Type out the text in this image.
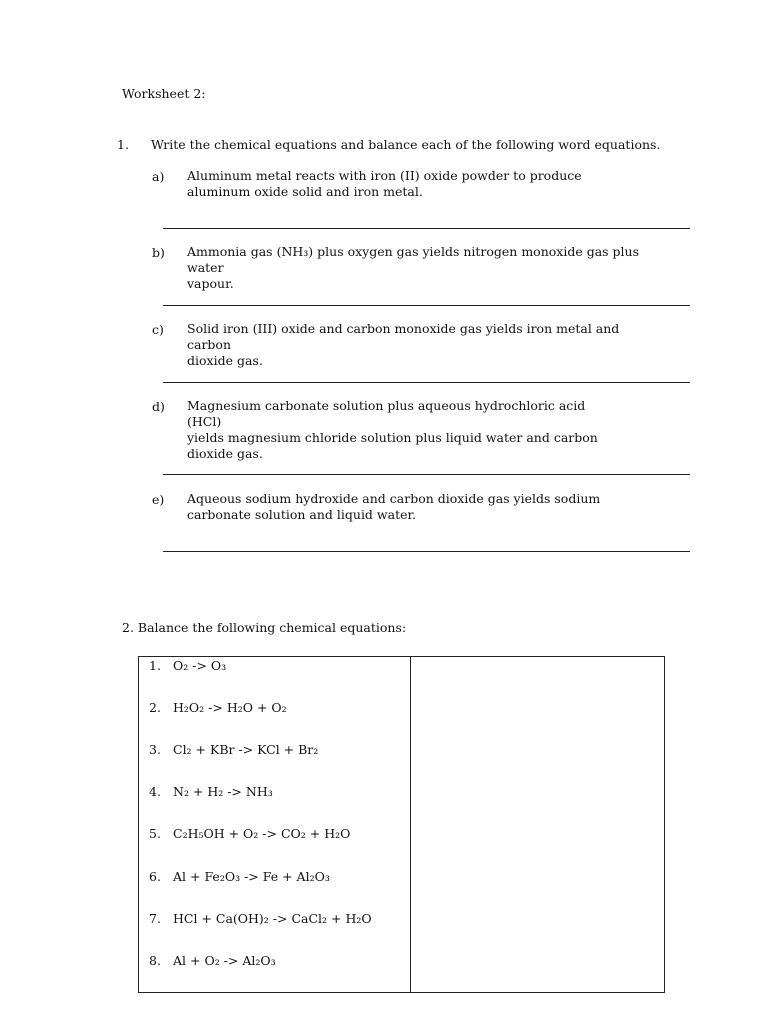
Worksheet 2:
1. Write the chemical equations and balance each of the following word equations.
a) Aluminum metal reacts with iron (II) oxide powder to produce
aluminum oxide solid and iron metal.
b) Ammonia gas (NH₃) plus oxygen gas yields nitrogen monoxide gas plus water
vapour.
c) Solid iron (III) oxide and carbon monoxide gas yields iron metal and carbon
dioxide gas.
d) Magnesium carbonate solution plus aqueous hydrochloric acid (HCl)
yields magnesium chloride solution plus liquid water and carbon
dioxide gas.
e) Aqueous sodium hydroxide and carbon dioxide gas yields sodium
carbonate solution and liquid water.
2. Balance the following chemical equations:
1. O₂ -> O₃
2. H₂O₂ -> H₂O + O₂
3. Cl₂ + KBr -> KCl + Br₂
4. N₂ + H₂ -> NH₃
5. C₂H₅OH + O₂ -> CO₂ + H₂O
6. Al + Fe₂O₃ -> Fe + Al₂O₃
7. HCl + Ca(OH)₂ -> CaCl₂ + H₂O
8. Al + O₂ -> Al₂O₃
